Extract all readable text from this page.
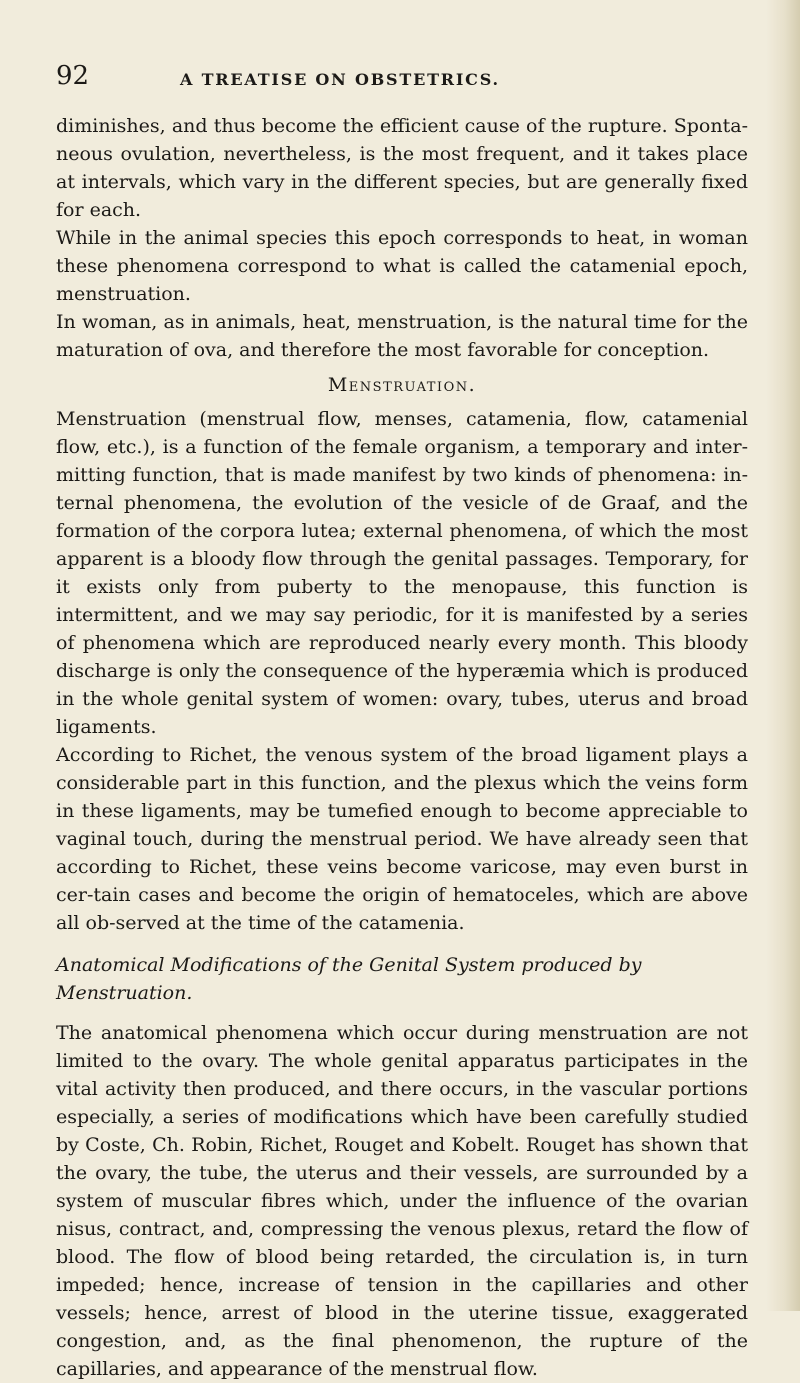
92	A TREATISE ON OBSTETRICS.

diminishes, and thus become the efficient cause of the rupture. Sponta-neous ovulation, nevertheless, is the most frequent, and it takes place at intervals, which vary in the different species, but are generally fixed for each.

While in the animal species this epoch corresponds to heat, in woman these phenomena correspond to what is called the catamenial epoch, menstruation.

In woman, as in animals, heat, menstruation, is the natural time for the maturation of ova, and therefore the most favorable for conception.

Menstruation.

Menstruation (menstrual flow, menses, catamenia, flow, catamenial flow, etc.), is a function of the female organism, a temporary and inter-mitting function, that is made manifest by two kinds of phenomena: in-ternal phenomena, the evolution of the vesicle of de Graaf, and the formation of the corpora lutea; external phenomena, of which the most apparent is a bloody flow through the genital passages. Temporary, for it exists only from puberty to the menopause, this function is intermittent, and we may say periodic, for it is manifested by a series of phenomena which are reproduced nearly every month. This bloody discharge is only the consequence of the hyperæmia which is produced in the whole genital system of women: ovary, tubes, uterus and broad ligaments.

According to Richet, the venous system of the broad ligament plays a considerable part in this function, and the plexus which the veins form in these ligaments, may be tumefied enough to become appreciable to vaginal touch, during the menstrual period. We have already seen that according to Richet, these veins become varicose, may even burst in cer-tain cases and become the origin of hematoceles, which are above all ob-served at the time of the catamenia.

Anatomical Modifications of the Genital System produced by Menstruation.

The anatomical phenomena which occur during menstruation are not limited to the ovary. The whole genital apparatus participates in the vital activity then produced, and there occurs, in the vascular portions especially, a series of modifications which have been carefully studied by Coste, Ch. Robin, Richet, Rouget and Kobelt. Rouget has shown that the ovary, the tube, the uterus and their vessels, are surrounded by a system of muscular fibres which, under the influence of the ovarian nisus, contract, and, compressing the venous plexus, retard the flow of blood. The flow of blood being retarded, the circulation is, in turn impeded; hence, increase of tension in the capillaries and other vessels; hence, arrest of blood in the uterine tissue, exaggerated congestion, and, as the final phenomenon, the rupture of the capillaries, and appearance of the menstrual flow.
